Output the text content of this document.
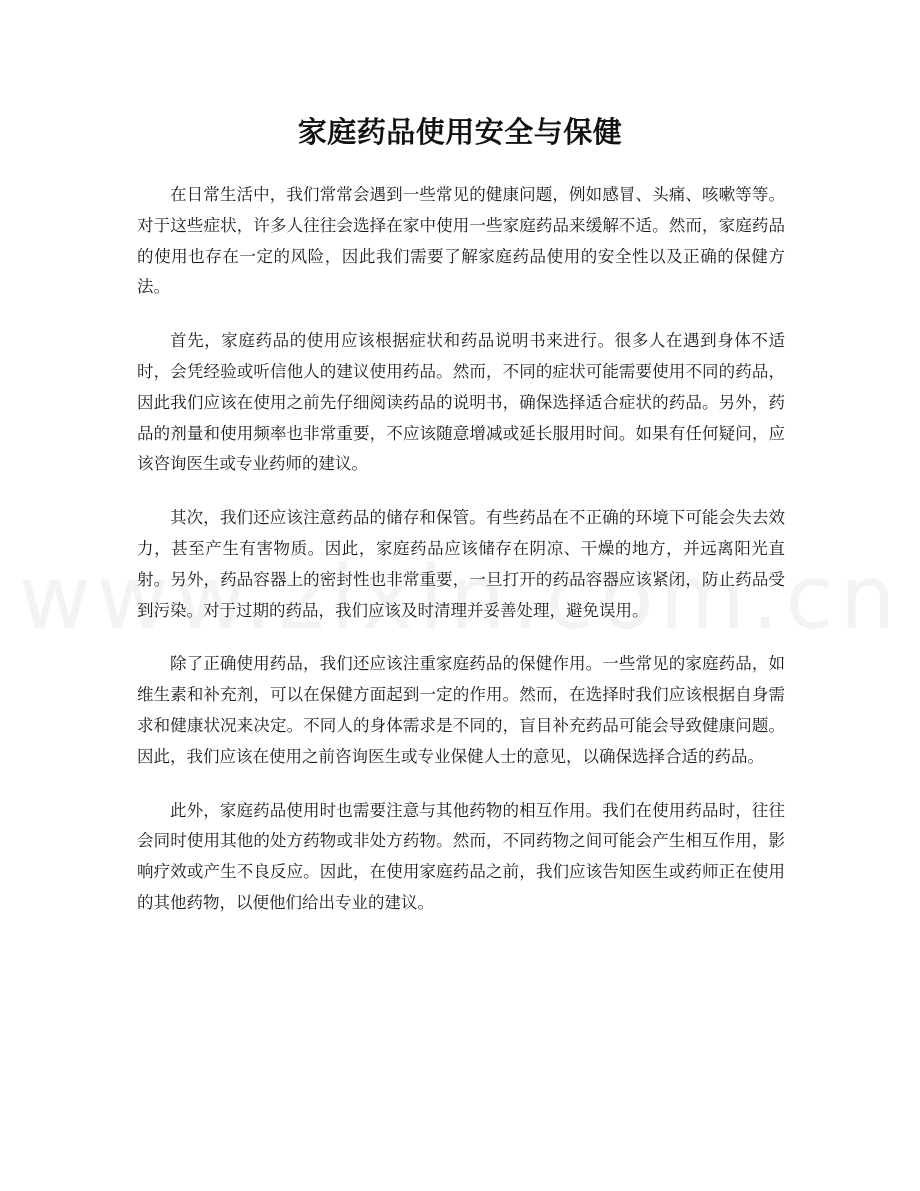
家庭药品使用安全与保健

在日常生活中，我们常常会遇到一些常见的健康问题，例如感冒、头痛、咳嗽等等。对于这些症状，许多人往往会选择在家中使用一些家庭药品来缓解不适。然而，家庭药品的使用也存在一定的风险，因此我们需要了解家庭药品使用的安全性以及正确的保健方法。

首先，家庭药品的使用应该根据症状和药品说明书来进行。很多人在遇到身体不适时，会凭经验或听信他人的建议使用药品。然而，不同的症状可能需要使用不同的药品，因此我们应该在使用之前先仔细阅读药品的说明书，确保选择适合症状的药品。另外，药品的剂量和使用频率也非常重要，不应该随意增减或延长服用时间。如果有任何疑问，应该咨询医生或专业药师的建议。

其次，我们还应该注意药品的储存和保管。有些药品在不正确的环境下可能会失去效力，甚至产生有害物质。因此，家庭药品应该储存在阴凉、干燥的地方，并远离阳光直射。另外，药品容器上的密封性也非常重要，一旦打开的药品容器应该紧闭，防止药品受到污染。对于过期的药品，我们应该及时清理并妥善处理，避免误用。

除了正确使用药品，我们还应该注重家庭药品的保健作用。一些常见的家庭药品，如维生素和补充剂，可以在保健方面起到一定的作用。然而，在选择时我们应该根据自身需求和健康状况来决定。不同人的身体需求是不同的，盲目补充药品可能会导致健康问题。因此，我们应该在使用之前咨询医生或专业保健人士的意见，以确保选择合适的药品。

此外，家庭药品使用时也需要注意与其他药物的相互作用。我们在使用药品时，往往会同时使用其他的处方药物或非处方药物。然而，不同药物之间可能会产生相互作用，影响疗效或产生不良反应。因此，在使用家庭药品之前，我们应该告知医生或药师正在使用的其他药物，以便他们给出专业的建议。
